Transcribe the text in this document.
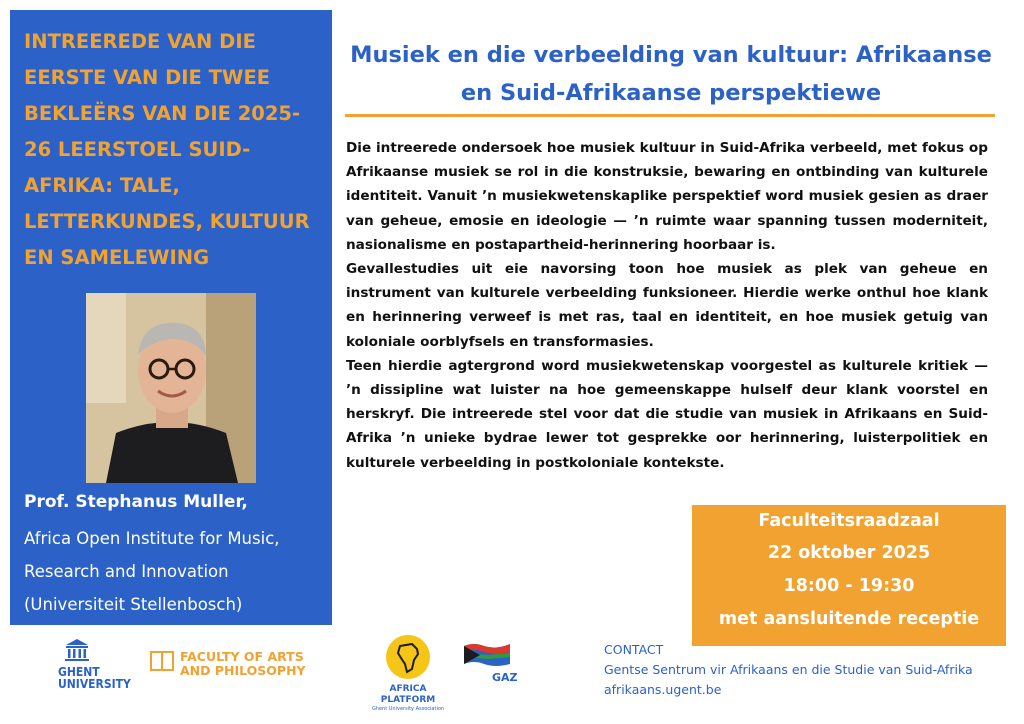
INTREEREDE VAN DIE EERSTE VAN DIE TWEE BEKLEËRS VAN DIE 2025-26 LEERSTOEL SUID-AFRIKA: TALE, LETTERKUNDES, KULTUUR EN SAMELEWING
Prof. Stephanus Muller,

Africa Open Institute for Music, Research and Innovation (Universiteit Stellenbosch)

Musiek en die verbeelding van kultuur: Afrikaanse
en Suid-Afrikaanse perspektiewe

Die intreerede ondersoek hoe musiek kultuur in Suid-Afrika verbeeld, met fokus op Afrikaanse musiek se rol in die konstruksie, bewaring en ontbinding van kulturele identiteit. Vanuit ’n musiekwetenskaplike perspektief word musiek gesien as draer van geheue, emosie en ideologie — ’n ruimte waar spanning tussen moderniteit, nasionalisme en postapartheid-herinnering hoorbaar is.

Gevallestudies uit eie navorsing toon hoe musiek as plek van geheue en instrument van kulturele verbeelding funksioneer. Hierdie werke onthul hoe klank en herinnering verweef is met ras, taal en identiteit, en hoe musiek getuig van koloniale oorblyfsels en transformasies.

Teen hierdie agtergrond word musiekwetenskap voorgestel as kulturele kritiek — ’n dissipline wat luister na hoe gemeenskappe hulself deur klank voorstel en herskryf. Die intreerede stel voor dat die studie van musiek in Afrikaans en Suid-Afrika ’n unieke bydrae lewer tot gesprekke oor herinnering, luisterpolitiek en kulturele verbeelding in postkoloniale kontekste.

Faculteitsraadzaal
22 oktober 2025
18:00 - 19:30
met aansluitende receptie
GHENT
UNIVERSITY
FACULTY OF ARTS
AND PHILOSOPHY
AFRICA PLATFORM
Ghent University Association
GAZ
CONTACT
Gentse Sentrum vir Afrikaans en die Studie van Suid-Afrika
afrikaans.ugent.be
